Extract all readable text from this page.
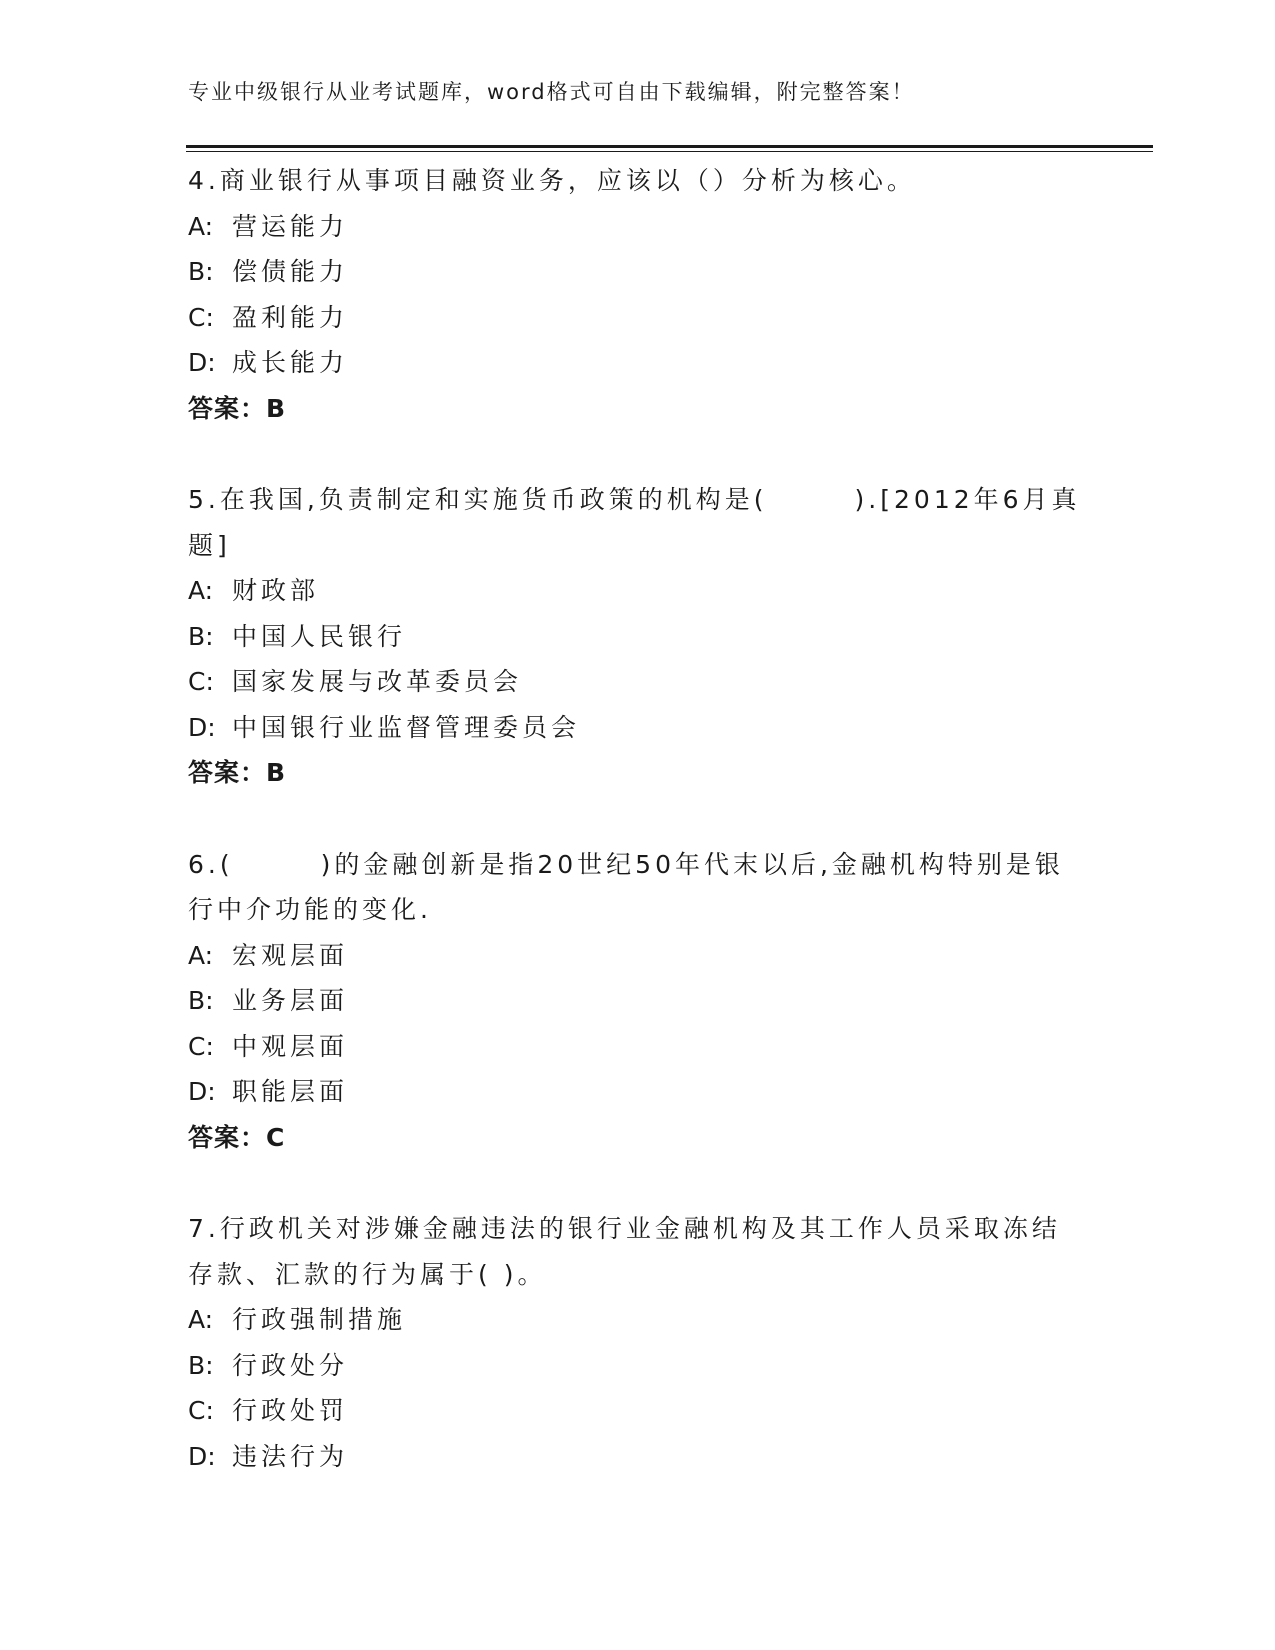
专业中级银行从业考试题库，word格式可自由下载编辑，附完整答案！
4.商业银行从事项目融资业务，应该以（）分析为核心。
A: 营运能力
B: 偿债能力
C: 盈利能力
D: 成长能力
答案：B
5.在我国,负责制定和实施货币政策的机构是(　　　).[2012年6月真
题]
A: 财政部
B: 中国人民银行
C: 国家发展与改革委员会
D: 中国银行业监督管理委员会
答案：B
6.(　　　)的金融创新是指20世纪50年代末以后,金融机构特别是银
行中介功能的变化.
A: 宏观层面
B: 业务层面
C: 中观层面
D: 职能层面
答案：C
7.行政机关对涉嫌金融违法的银行业金融机构及其工作人员采取冻结
存款、汇款的行为属于( )。
A: 行政强制措施
B: 行政处分
C: 行政处罚
D: 违法行为
